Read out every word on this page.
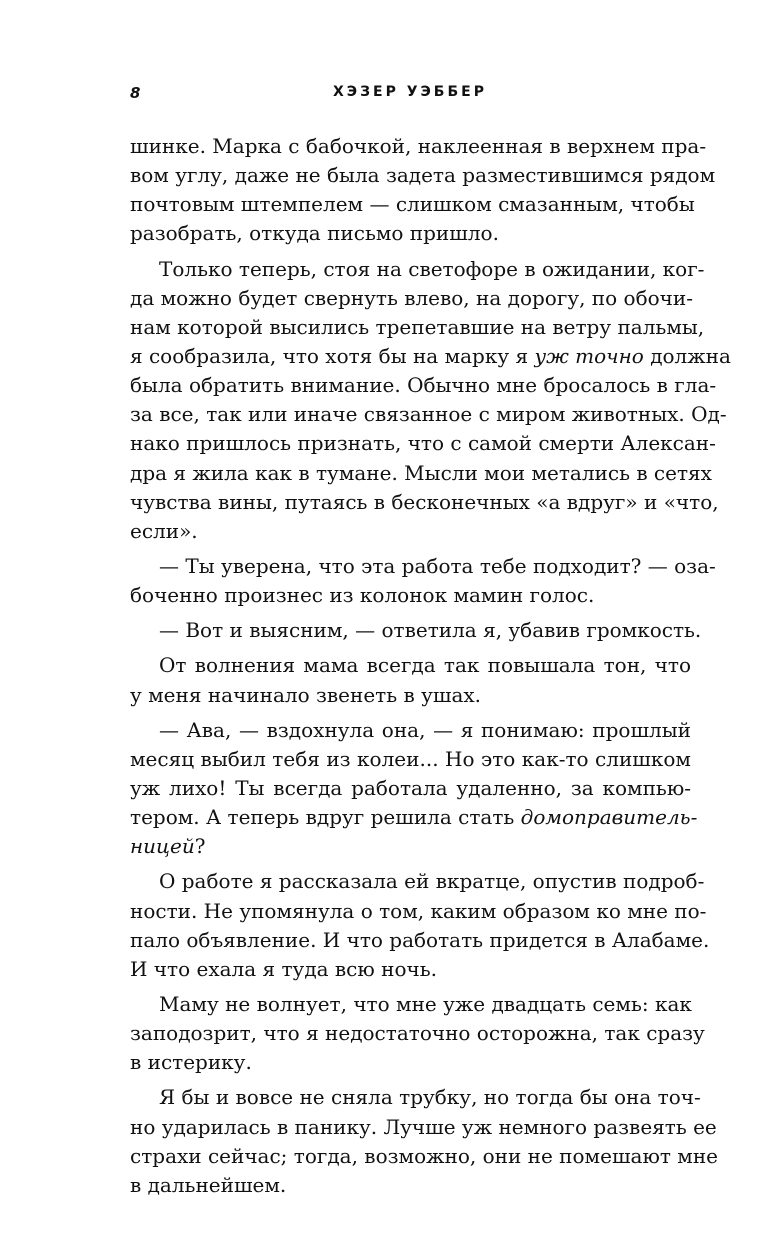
8	ХЭЗЕР УЭББЕР
шинке. Марка с бабочкой, наклеенная в верхнем пра-
вом углу, даже не была задета разместившимся рядом
почтовым штемпелем — слишком смазанным, чтобы
разобрать, откуда письмо пришло.
Только теперь, стоя на светофоре в ожидании, ког-
да можно будет свернуть влево, на дорогу, по обочи-
нам которой высились трепетавшие на ветру пальмы,
я сообразила, что хотя бы на марку я уж точно должна
была обратить внимание. Обычно мне бросалось в гла-
за все, так или иначе связанное с миром животных. Од-
нако пришлось признать, что с самой смерти Алексан-
дра я жила как в тумане. Мысли мои метались в сетях
чувства вины, путаясь в бесконечных «а вдруг» и «что,
если».
— Ты уверена, что эта работа тебе подходит? — оза-
боченно произнес из колонок мамин голос.
— Вот и выясним, — ответила я, убавив громкость.
От волнения мама всегда так повышала тон, что
у меня начинало звенеть в ушах.
— Ава, — вздохнула она, — я понимаю: прошлый
месяц выбил тебя из колеи... Но это как-то слишком
уж лихо! Ты всегда работала удаленно, за компью-
тером. А теперь вдруг решила стать домоправитель-
ницей?
О работе я рассказала ей вкратце, опустив подроб-
ности. Не упомянула о том, каким образом ко мне по-
пало объявление. И что работать придется в Алабаме.
И что ехала я туда всю ночь.
Маму не волнует, что мне уже двадцать семь: как
заподозрит, что я недостаточно осторожна, так сразу
в истерику.
Я бы и вовсе не сняла трубку, но тогда бы она точ-
но ударилась в панику. Лучше уж немного развеять ее
страхи сейчас; тогда, возможно, они не помешают мне
в дальнейшем.
